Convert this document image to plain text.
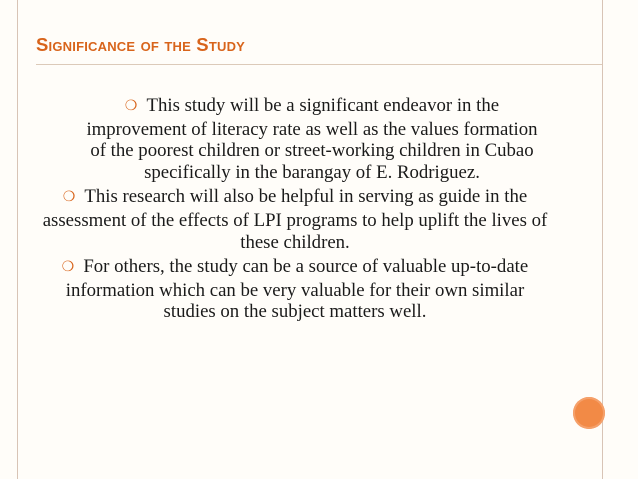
Significance of the Study
❍ This study will be a significant endeavor in the improvement of literacy rate as well as the values formation of the poorest children or street-working children in Cubao specifically in the barangay of E. Rodriguez.
❍ This research will also be helpful in serving as guide in the assessment of the effects of LPI programs to help uplift the lives of these children.
❍ For others, the study can be a source of valuable up-to-date information which can be very valuable for their own similar studies on the subject matters well.
